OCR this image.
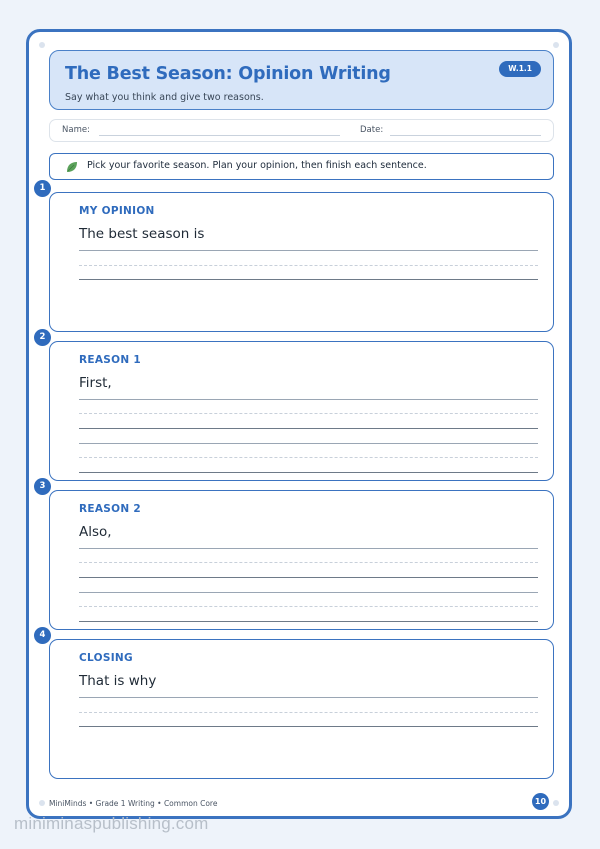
The Best Season: Opinion Writing
Say what you think and give two reasons.
W.1.1
Name:	Date:
Pick your favorite season. Plan your opinion, then finish each sentence.
1
MY OPINION
The best season is
2
REASON 1
First,
3
REASON 2
Also,
4
CLOSING
That is why
MiniMinds • Grade 1 Writing • Common Core	10
miniminaspublishing.com
